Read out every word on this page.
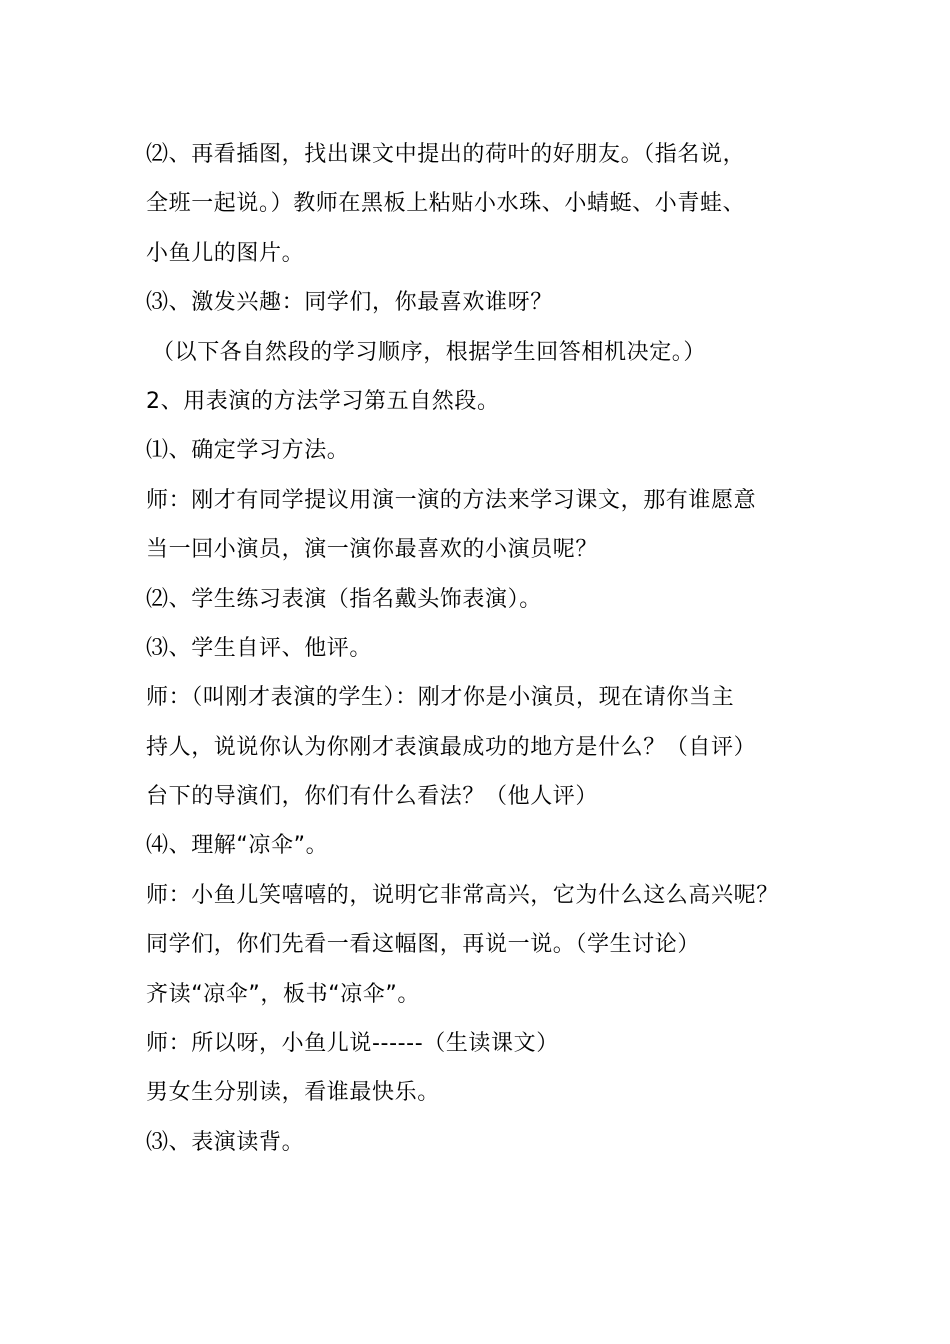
⑵、再看插图，找出课文中提出的荷叶的好朋友。（指名说，
全班一起说。）教师在黑板上粘贴小水珠、小蜻蜓、小青蛙、
小鱼儿的图片。
⑶、激发兴趣：同学们，你最喜欢谁呀？
（以下各自然段的学习顺序，根据学生回答相机决定。）
2、用表演的方法学习第五自然段。
⑴、确定学习方法。
师：刚才有同学提议用演一演的方法来学习课文，那有谁愿意
当一回小演员，演一演你最喜欢的小演员呢？
⑵、学生练习表演（指名戴头饰表演）。
⑶、学生自评、他评。
师：（叫刚才表演的学生）：刚才你是小演员，现在请你当主
持人，说说你认为你刚才表演最成功的地方是什么？（自评）
台下的导演们，你们有什么看法？（他人评）
⑷、理解“凉伞”。
师：小鱼儿笑嘻嘻的，说明它非常高兴，它为什么这么高兴呢？
同学们，你们先看一看这幅图，再说一说。（学生讨论）
齐读“凉伞”，板书“凉伞”。
师：所以呀，小鱼儿说------（生读课文）
男女生分别读，看谁最快乐。
⑶、表演读背。
